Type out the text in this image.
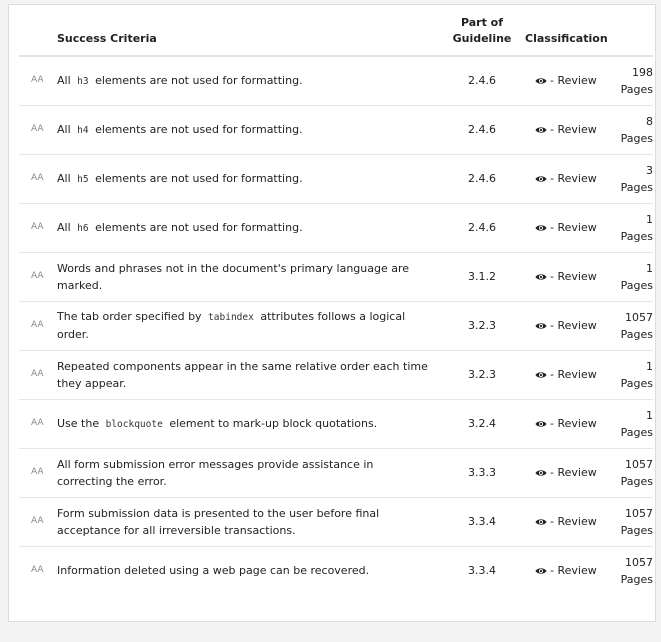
	Success Criteria	Part of
Guideline	Classification	
AA	All h3 elements are not used for formatting.	2.4.6	- Review	198
Pages

AA	All h4 elements are not used for formatting.	2.4.6	- Review	8
Pages

AA	All h5 elements are not used for formatting.	2.4.6	- Review	3
Pages

AA	All h6 elements are not used for formatting.	2.4.6	- Review	1
Pages

AA	Words and phrases not in the document's primary language are marked.	3.1.2	- Review	1
Pages

AA	The tab order specified by tabindex attributes follows a logical order.	3.2.3	- Review	1057
Pages

AA	Repeated components appear in the same relative order each time they appear.	3.2.3	- Review	1
Pages

AA	Use the blockquote element to mark-up block quotations.	3.2.4	- Review	1
Pages

AA	All form submission error messages provide assistance in correcting the error.	3.3.3	- Review	1057
Pages

AA	Form submission data is presented to the user before final acceptance for all irreversible transactions.	3.3.4	- Review	1057
Pages

AA	Information deleted using a web page can be recovered.	3.3.4	- Review	1057
Pages
